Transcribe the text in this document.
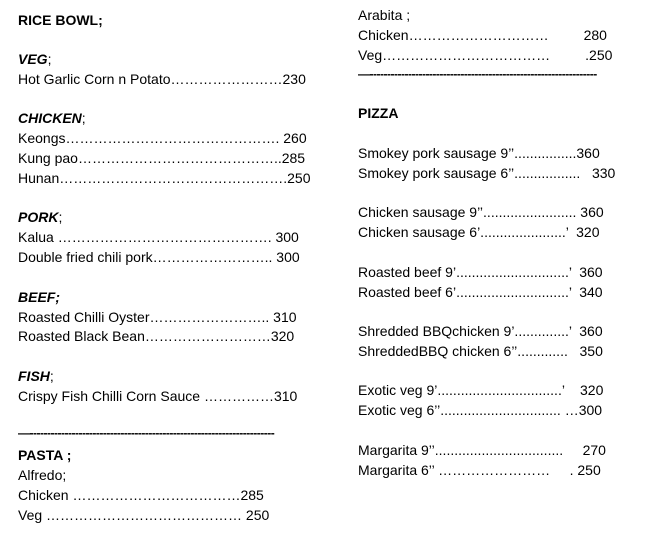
RICE BOWL;
VEG;
Hot Garlic Corn n Potato……………………230
CHICKEN;
Keongs………………………………………. 260
Kung pao……………………………………..285
Hunan………………………………………….250
PORK;
Kalua ………………………………………. 300
Double fried chili pork…………………….. 300
BEEF;
Roasted Chilli Oyster…………………….. 310
Roasted Black Bean………………………320
FISH;
Crispy Fish Chilli Corn Sauce ……………310
—----------------------------------------------------------------------
PASTA ;
Alfredo;
Chicken ………………………………285
Veg …………………………………… 250
Arabita ;
Chicken…………………………         280
Veg………………………………         .250
—-----------------------------------------------------------------
PIZZA
Smokey pork sausage 9’’................360
Smokey pork sausage 6’’.................   330
Chicken sausage 9’’........................ 360
Chicken sausage 6’......................’  320
Roasted beef 9’.............................’  360
Roasted beef 6’.............................’  340
Shredded BBQchicken 9’..............’  360
ShreddedBBQ chicken 6’’.............   350
Exotic veg 9’................................’    320
Exotic veg 6’’............................... …300
Margarita 9’’.................................     270
Margarita 6’’ ……………………     . 250
